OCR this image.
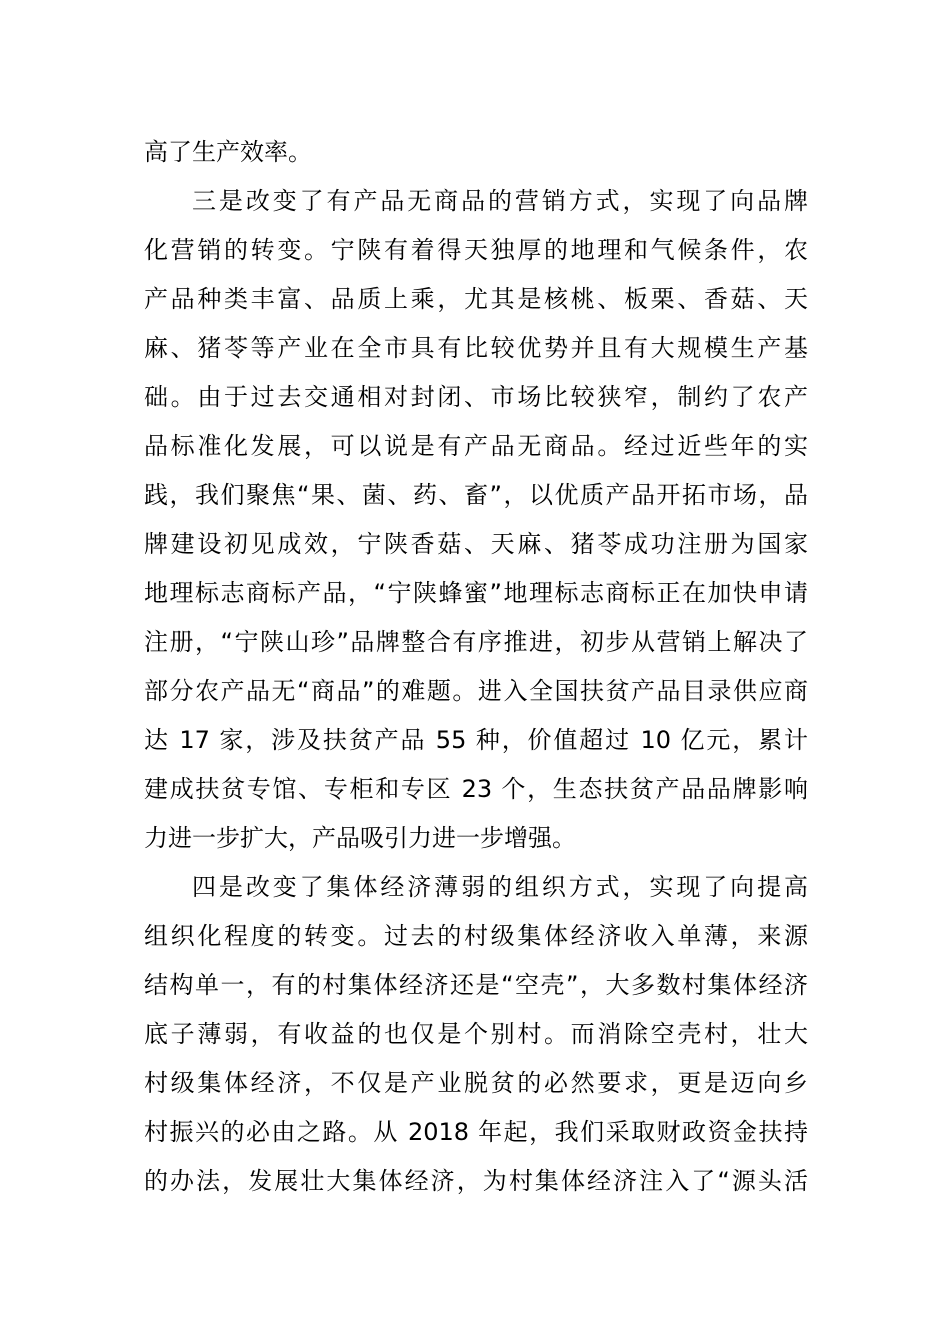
高了生产效率。
三是改变了有产品无商品的营销方式，实现了向品牌
化营销的转变。宁陕有着得天独厚的地理和气候条件，农
产品种类丰富、品质上乘，尤其是核桃、板栗、香菇、天
麻、猪苓等产业在全市具有比较优势并且有大规模生产基
础。由于过去交通相对封闭、市场比较狭窄，制约了农产
品标准化发展，可以说是有产品无商品。经过近些年的实
践，我们聚焦“果、菌、药、畜”，以优质产品开拓市场，品
牌建设初见成效，宁陕香菇、天麻、猪苓成功注册为国家
地理标志商标产品，“宁陕蜂蜜”地理标志商标正在加快申请
注册，“宁陕山珍”品牌整合有序推进，初步从营销上解决了
部分农产品无“商品”的难题。进入全国扶贫产品目录供应商
达 17 家，涉及扶贫产品 55 种，价值超过 10 亿元，累计
建成扶贫专馆、专柜和专区 23 个，生态扶贫产品品牌影响
力进一步扩大，产品吸引力进一步增强。
四是改变了集体经济薄弱的组织方式，实现了向提高
组织化程度的转变。过去的村级集体经济收入单薄，来源
结构单一，有的村集体经济还是“空壳”，大多数村集体经济
底子薄弱，有收益的也仅是个别村。而消除空壳村，壮大
村级集体经济，不仅是产业脱贫的必然要求，更是迈向乡
村振兴的必由之路。从 2018 年起，我们采取财政资金扶持
的办法，发展壮大集体经济，为村集体经济注入了“源头活
